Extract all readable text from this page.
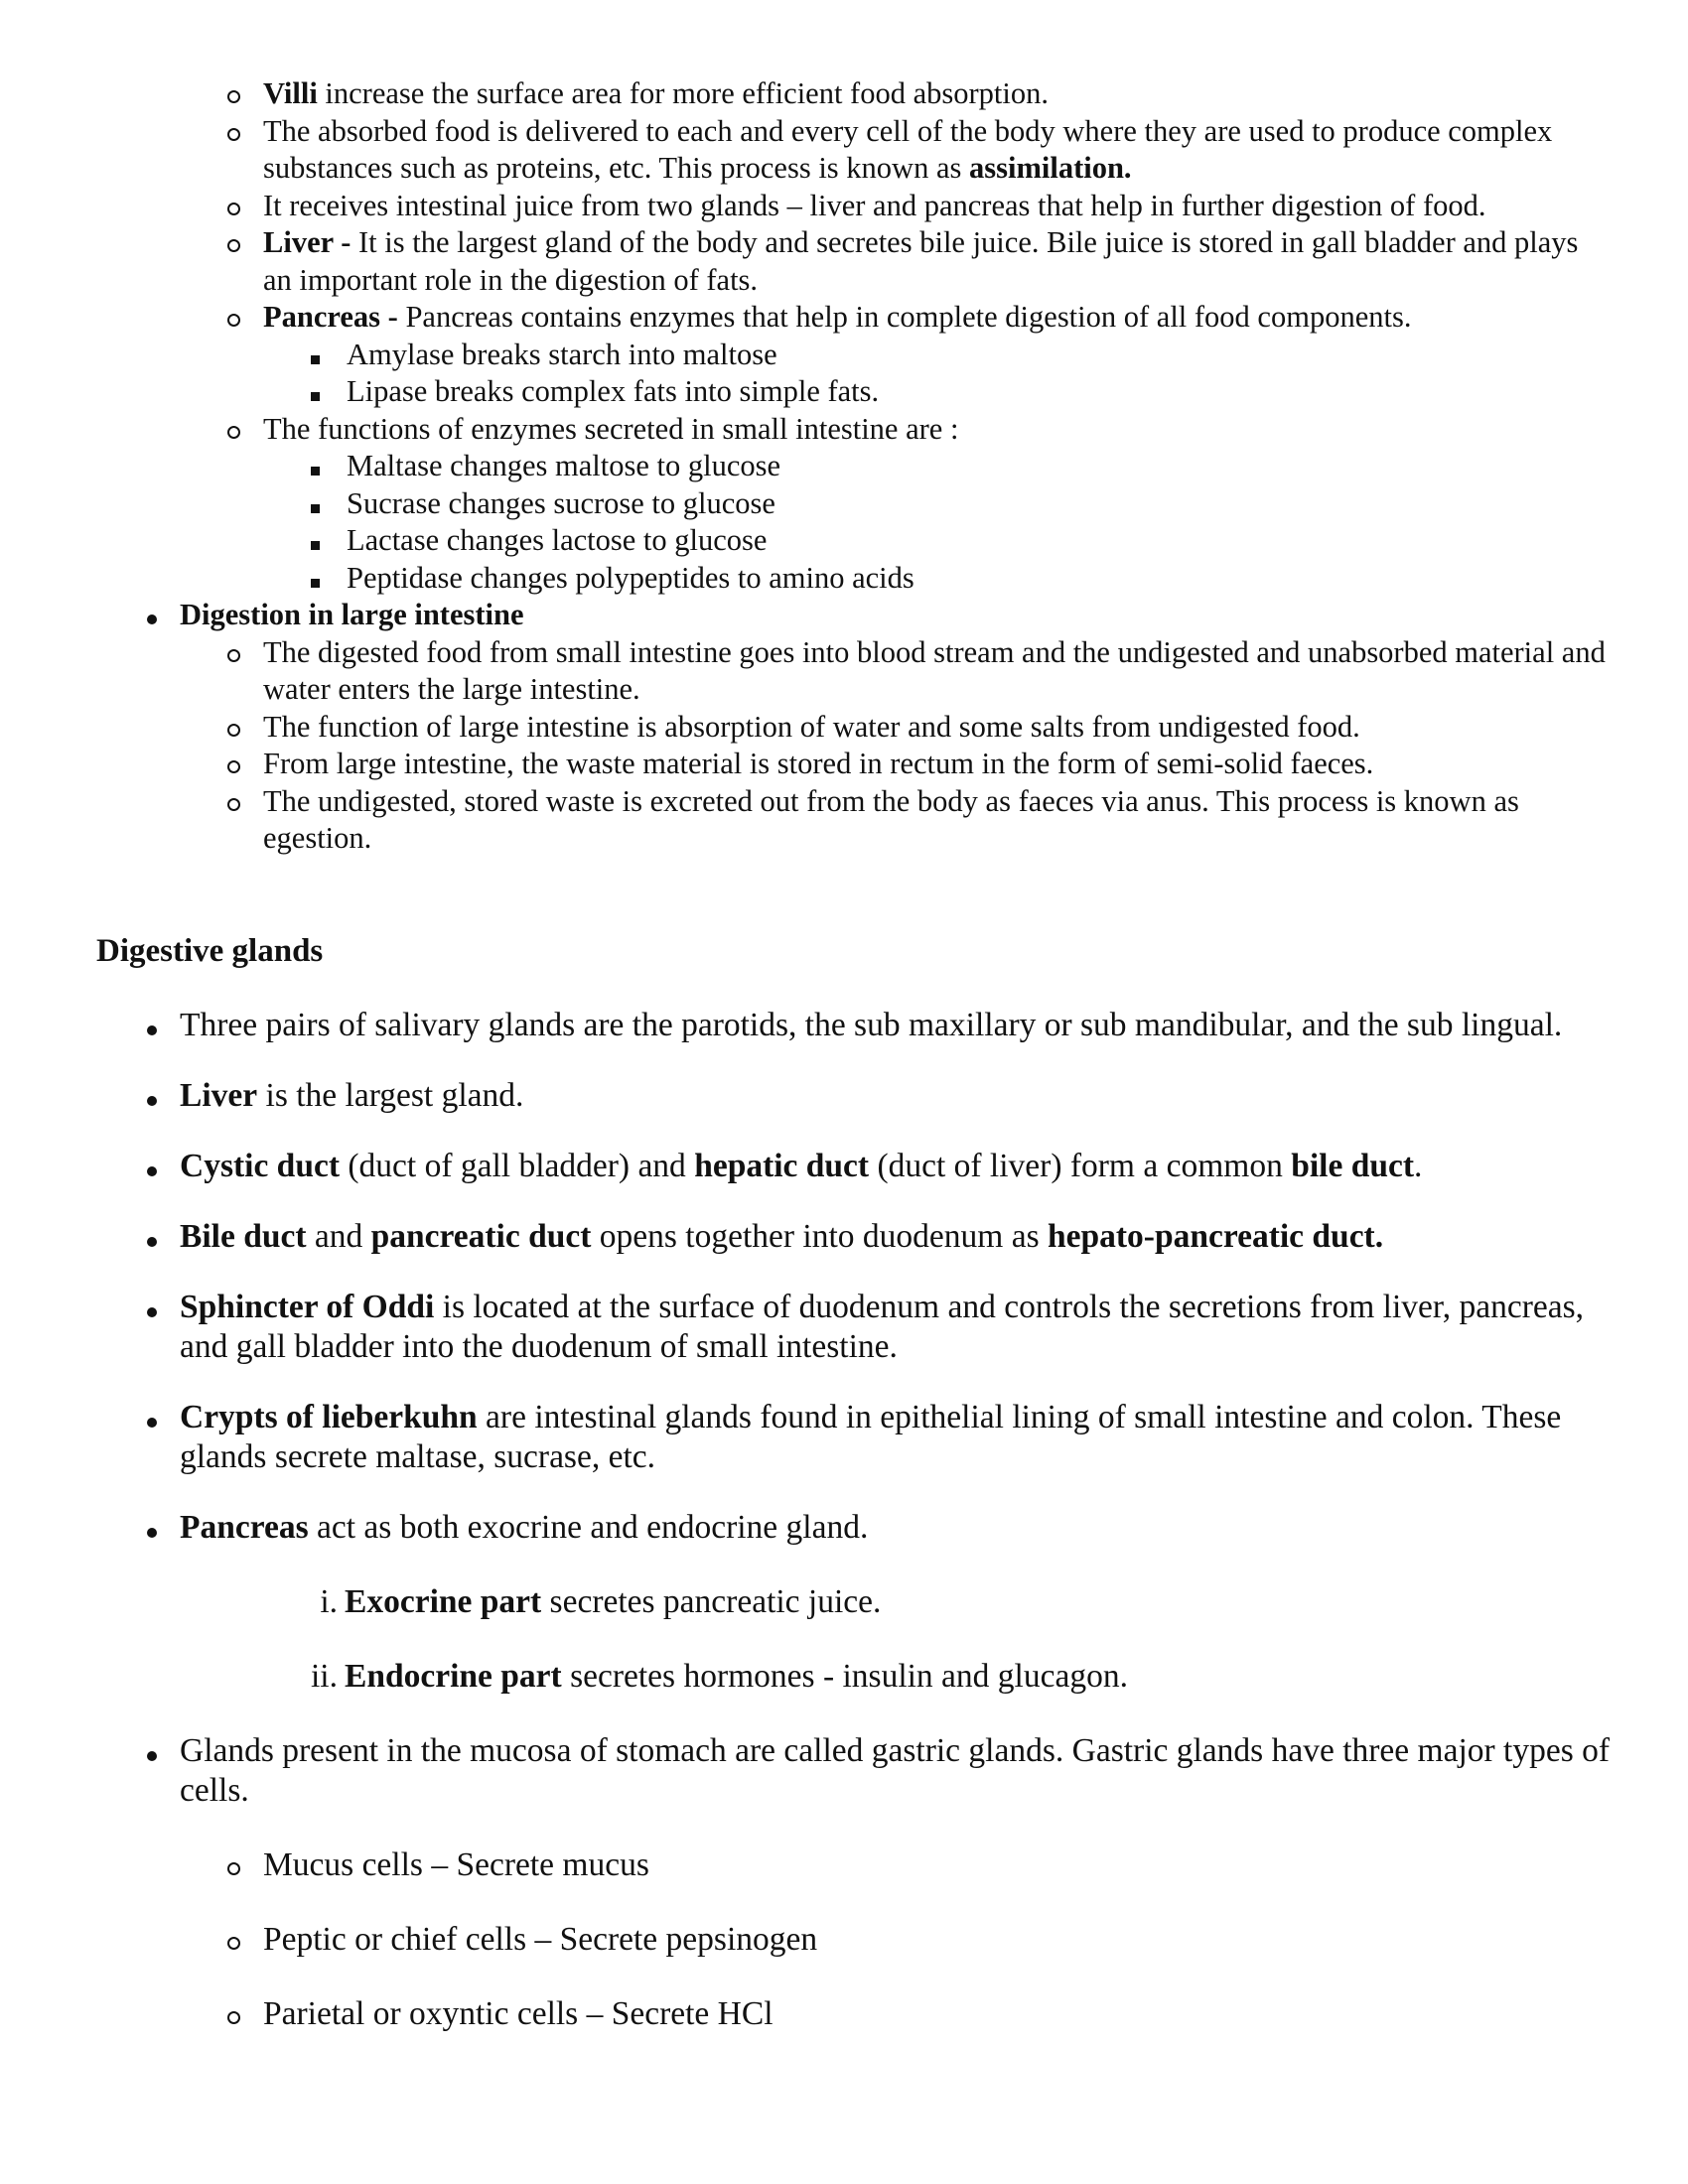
Villi increase the surface area for more efficient food absorption.
The absorbed food is delivered to each and every cell of the body where they are used to produce complex substances such as proteins, etc. This process is known as assimilation.
It receives intestinal juice from two glands – liver and pancreas that help in further digestion of food.
Liver - It is the largest gland of the body and secretes bile juice. Bile juice is stored in gall bladder and plays an important role in the digestion of fats.
Pancreas - Pancreas contains enzymes that help in complete digestion of all food components.
Amylase breaks starch into maltose
Lipase breaks complex fats into simple fats.
The functions of enzymes secreted in small intestine are :
Maltase changes maltose to glucose
Sucrase changes sucrose to glucose
Lactase changes lactose to glucose
Peptidase changes polypeptides to amino acids
Digestion in large intestine
The digested food from small intestine goes into blood stream and the undigested and unabsorbed material and water enters the large intestine.
The function of large intestine is absorption of water and some salts from undigested food.
From large intestine, the waste material is stored in rectum in the form of semi-solid faeces.
The undigested, stored waste is excreted out from the body as faeces via anus. This process is known as egestion.
Digestive glands
Three pairs of salivary glands are the parotids, the sub maxillary or sub mandibular, and the sub lingual.
Liver is the largest gland.
Cystic duct (duct of gall bladder) and hepatic duct (duct of liver) form a common bile duct.
Bile duct and pancreatic duct opens together into duodenum as hepato-pancreatic duct.
Sphincter of Oddi is located at the surface of duodenum and controls the secretions from liver, pancreas, and gall bladder into the duodenum of small intestine.
Crypts of lieberkuhn are intestinal glands found in epithelial lining of small intestine and colon. These glands secrete maltase, sucrase, etc.
Pancreas act as both exocrine and endocrine gland.
i. Exocrine part secretes pancreatic juice.
ii. Endocrine part secretes hormones - insulin and glucagon.
Glands present in the mucosa of stomach are called gastric glands. Gastric glands have three major types of cells.
Mucus cells – Secrete mucus
Peptic or chief cells – Secrete pepsinogen
Parietal or oxyntic cells – Secrete HCl
